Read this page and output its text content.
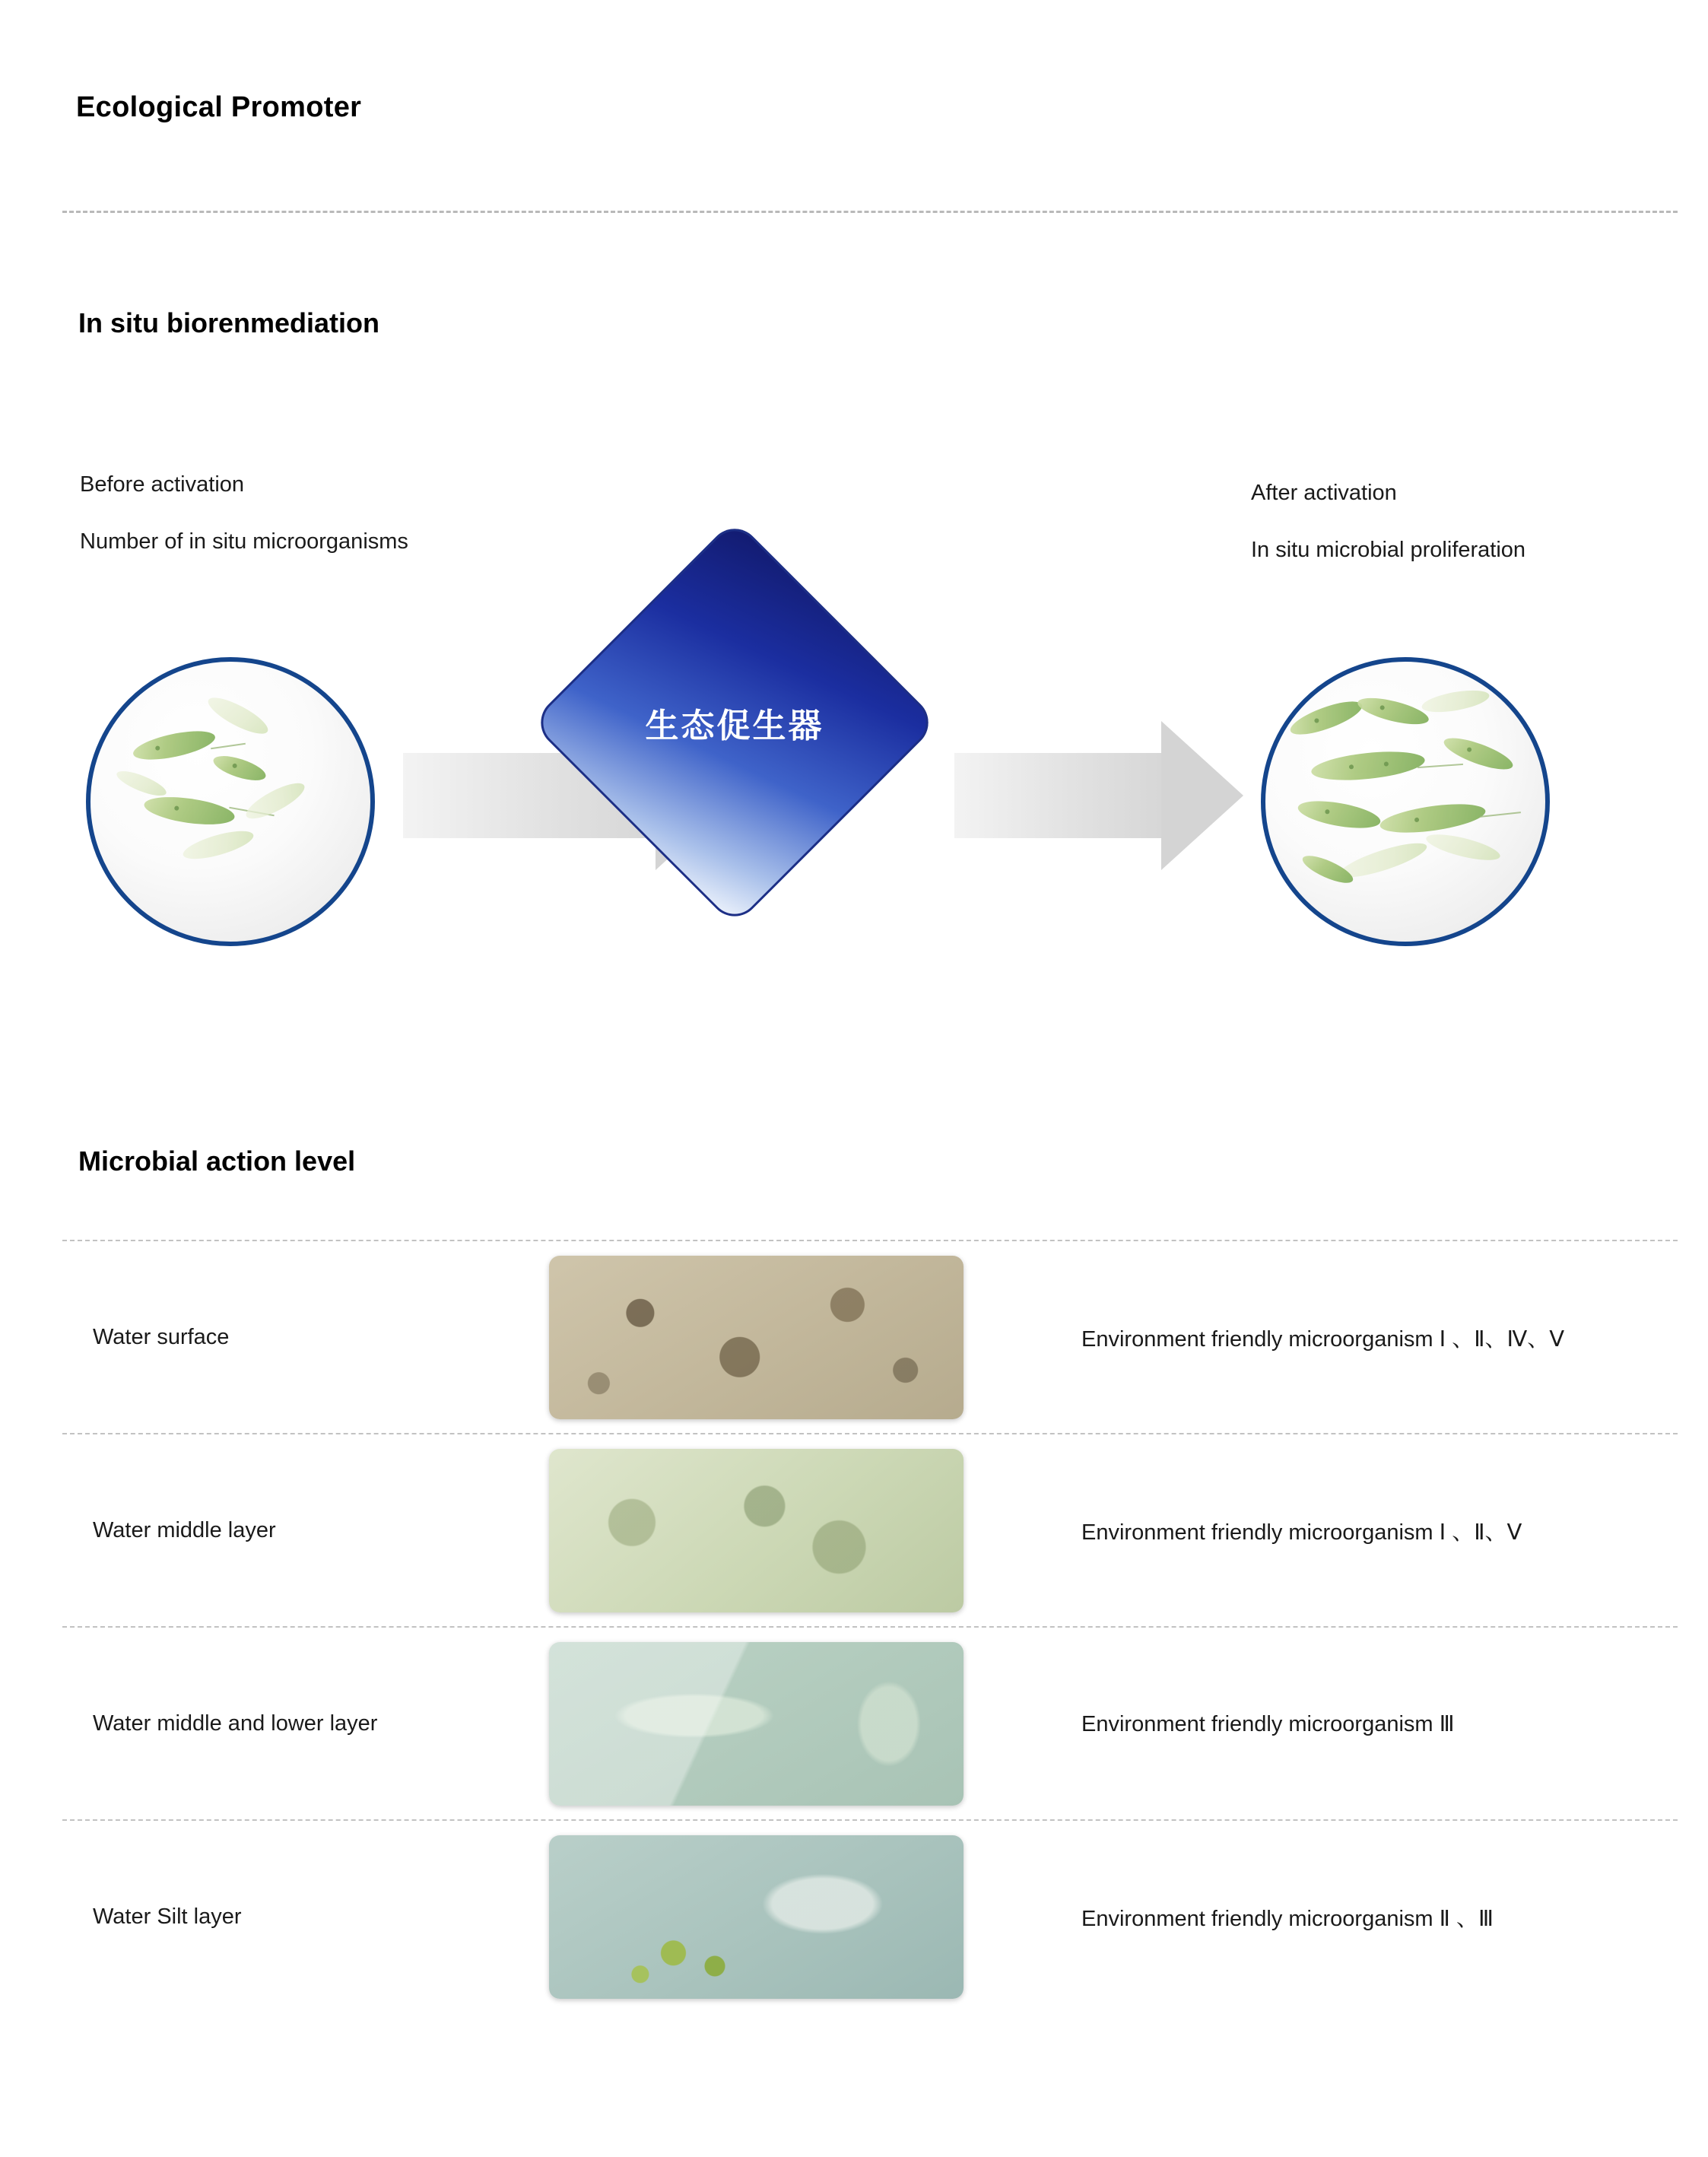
Ecological Promoter
In situ biorenmediation
Before activation
Number of in situ microorganisms
After activation
In situ microbial proliferation
生态促生器
Microbial action level
Water surface	Environment friendly microorganism Ⅰ 、Ⅱ、Ⅳ、Ⅴ
Water middle layer	Environment friendly microorganism Ⅰ 、Ⅱ、Ⅴ
Water middle and lower layer	Environment friendly microorganism Ⅲ
Water Silt layer	Environment friendly microorganism Ⅱ 、Ⅲ
